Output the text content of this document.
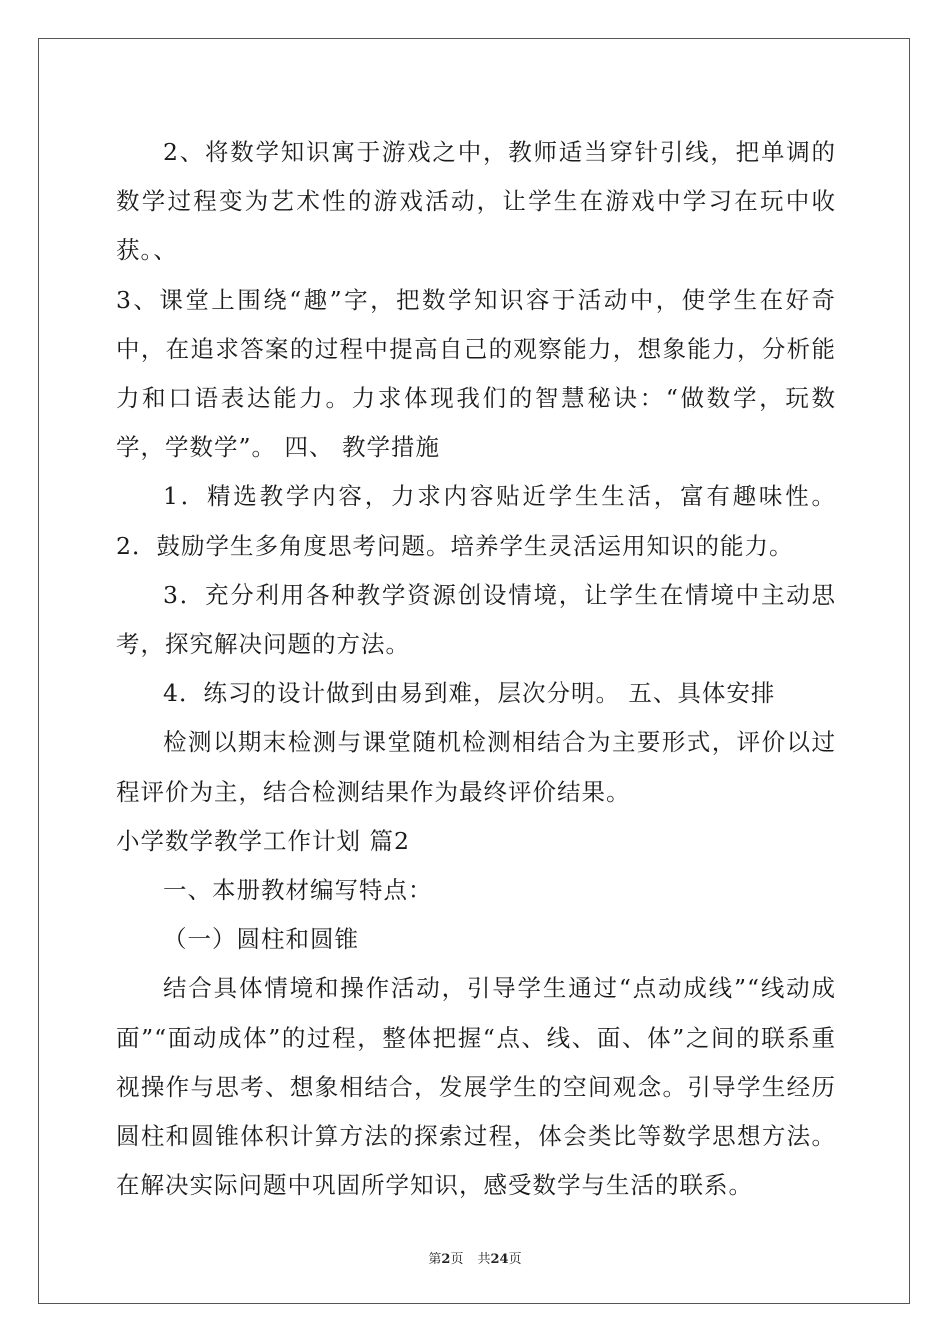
2、将数学知识寓于游戏之中，教师适当穿针引线，把单调的数学过程变为艺术性的游戏活动，让学生在游戏中学习在玩中收获。、

3、课堂上围绕“趣”字，把数学知识容于活动中，使学生在好奇中，在追求答案的过程中提高自己的观察能力，想象能力，分析能力和口语表达能力。力求体现我们的智慧秘诀：“做数学，玩数学，学数学”。 四、 教学措施

1．精选教学内容，力求内容贴近学生生活，富有趣味性。 2．鼓励学生多角度思考问题。培养学生灵活运用知识的能力。

3．充分利用各种教学资源创设情境，让学生在情境中主动思考，探究解决问题的方法。

4．练习的设计做到由易到难，层次分明。 五、具体安排

检测以期末检测与课堂随机检测相结合为主要形式，评价以过程评价为主，结合检测结果作为最终评价结果。

小学数学教学工作计划 篇2

一、本册教材编写特点：

（一）圆柱和圆锥

结合具体情境和操作活动，引导学生通过“点动成线”“线动成面”“面动成体”的过程，整体把握“点、线、面、体”之间的联系重视操作与思考、想象相结合，发展学生的空间观念。引导学生经历圆柱和圆锥体积计算方法的探索过程，体会类比等数学思想方法。在解决实际问题中巩固所学知识，感受数学与生活的联系。

第2页 共24页
